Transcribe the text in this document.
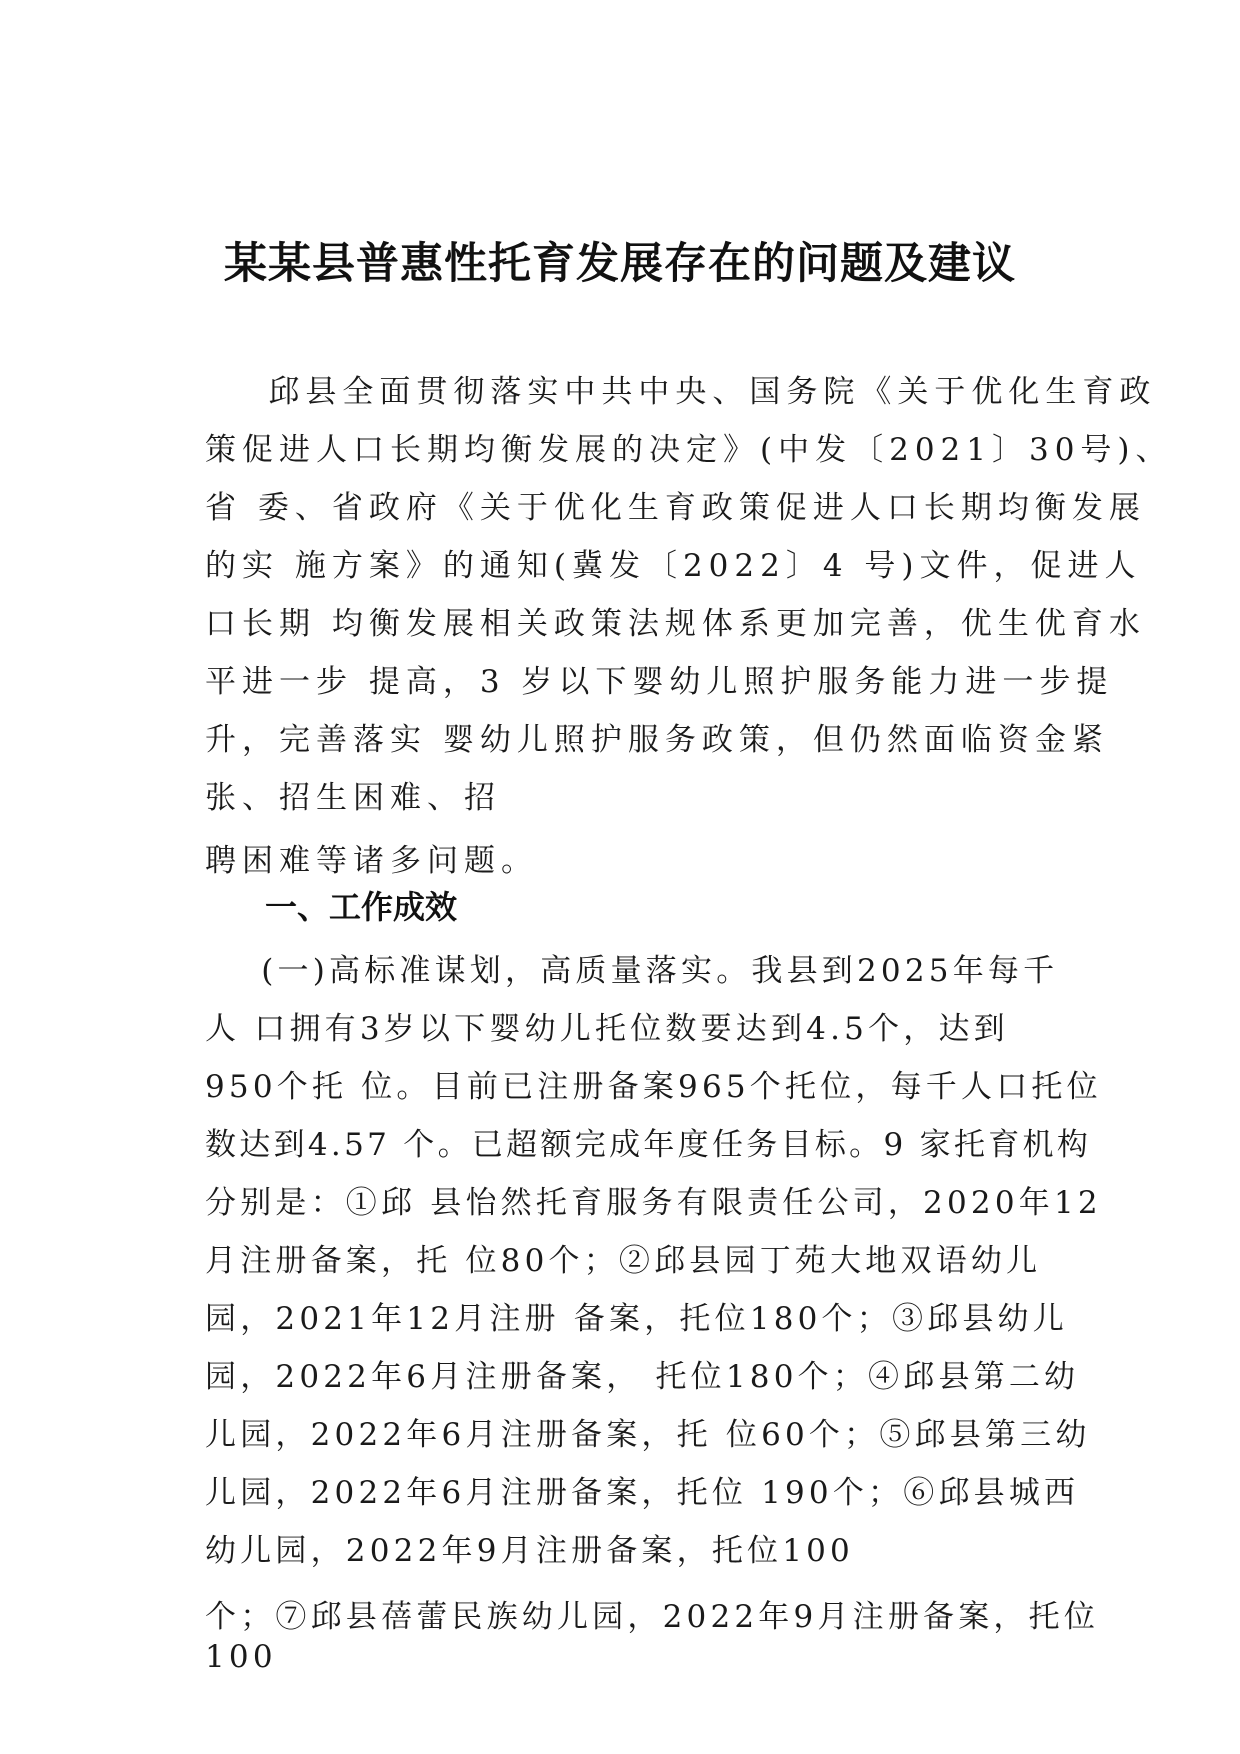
某某县普惠性托育发展存在的问题及建议

邱县全面贯彻落实中共中央、国务院《关于优化生育政

策促进人口长期均衡发展的决定》(中发〔2021〕30号)、

省 委、省政府《关于优化生育政策促进人口长期均衡发展

的实 施方案》的通知(冀发〔2022〕4 号)文件，促进人

口长期 均衡发展相关政策法规体系更加完善，优生优育水

平进一步 提高，3 岁以下婴幼儿照护服务能力进一步提

升，完善落实 婴幼儿照护服务政策，但仍然面临资金紧

张、招生困难、招

聘困难等诸多问题。

一、工作成效

(一)高标准谋划，高质量落实。我县到2025年每千

人 口拥有3岁以下婴幼儿托位数要达到4.5个，达到

950个托 位。目前已注册备案965个托位，每千人口托位

数达到4.57 个。已超额完成年度任务目标。9 家托育机构

分别是：①邱 县怡然托育服务有限责任公司，2020年12

月注册备案，托 位80个；②邱县园丁苑大地双语幼儿

园，2021年12月注册 备案，托位180个；③邱县幼儿

园，2022年6月注册备案， 托位180个；④邱县第二幼

儿园，2022年6月注册备案，托 位60个；⑤邱县第三幼

儿园，2022年6月注册备案，托位 190个；⑥邱县城西

幼儿园，2022年9月注册备案，托位100

个；⑦邱县蓓蕾民族幼儿园，2022年9月注册备案，托位

100
